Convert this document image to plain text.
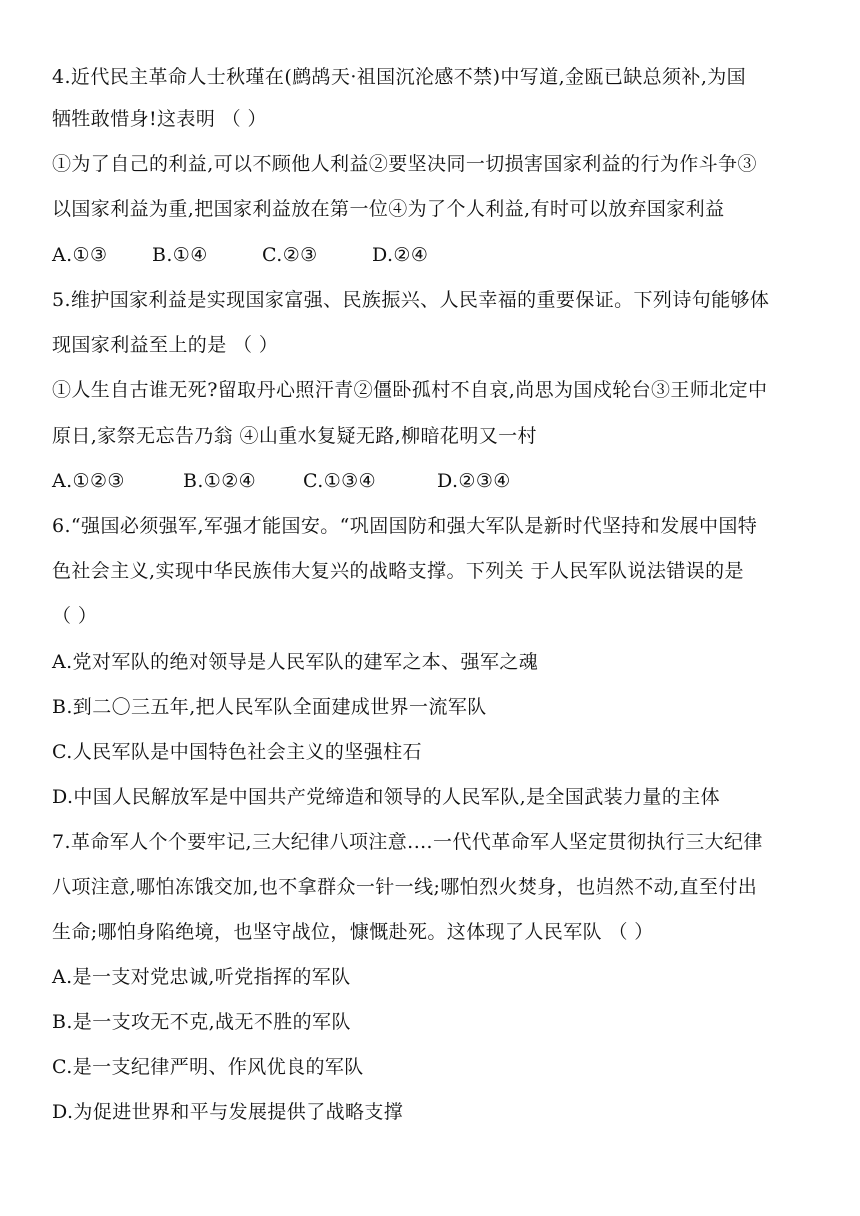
4.近代民主革命人士秋瑾在(鹧鸪天·祖国沉沦感不禁)中写道,金瓯已缺总须补,为国
牺牲敢惜身!这表明 （ ）
①为了自己的利益,可以不顾他人利益②要坚决同一切损害国家利益的行为作斗争③
以国家利益为重,把国家利益放在第一位④为了个人利益,有时可以放弃国家利益
A.①③	B.①④	C.②③	D.②④
5.维护国家利益是实现国家富强、民族振兴、人民幸福的重要保证。下列诗句能够体
现国家利益至上的是 （ ）
①人生自古谁无死?留取丹心照汗青②僵卧孤村不自哀,尚思为国戍轮台③王师北定中
原日,家祭无忘告乃翁 ④山重水复疑无路,柳暗花明又一村
A.①②③	B.①②④	C.①③④	D.②③④
6.“强国必须强军,军强才能国安。“巩固国防和强大军队是新时代坚持和发展中国特
色社会主义,实现中华民族伟大复兴的战略支撑。下列关 于人民军队说法错误的是
（ ）
A.党对军队的绝对领导是人民军队的建军之本、强军之魂
B.到二〇三五年,把人民军队全面建成世界一流军队
C.人民军队是中国特色社会主义的坚强柱石
D.中国人民解放军是中国共产党缔造和领导的人民军队,是全国武装力量的主体
7.革命军人个个要牢记,三大纪律八项注意.…一代代革命军人坚定贯彻执行三大纪律
八项注意,哪怕冻饿交加,也不拿群众一针一线;哪怕烈火焚身，也岿然不动,直至付出
生命;哪怕身陷绝境，也坚守战位，慷慨赴死。这体现了人民军队 （ ）
A.是一支对党忠诚,听党指挥的军队
B.是一支攻无不克,战无不胜的军队
C.是一支纪律严明、作风优良的军队
D.为促进世界和平与发展提供了战略支撑
